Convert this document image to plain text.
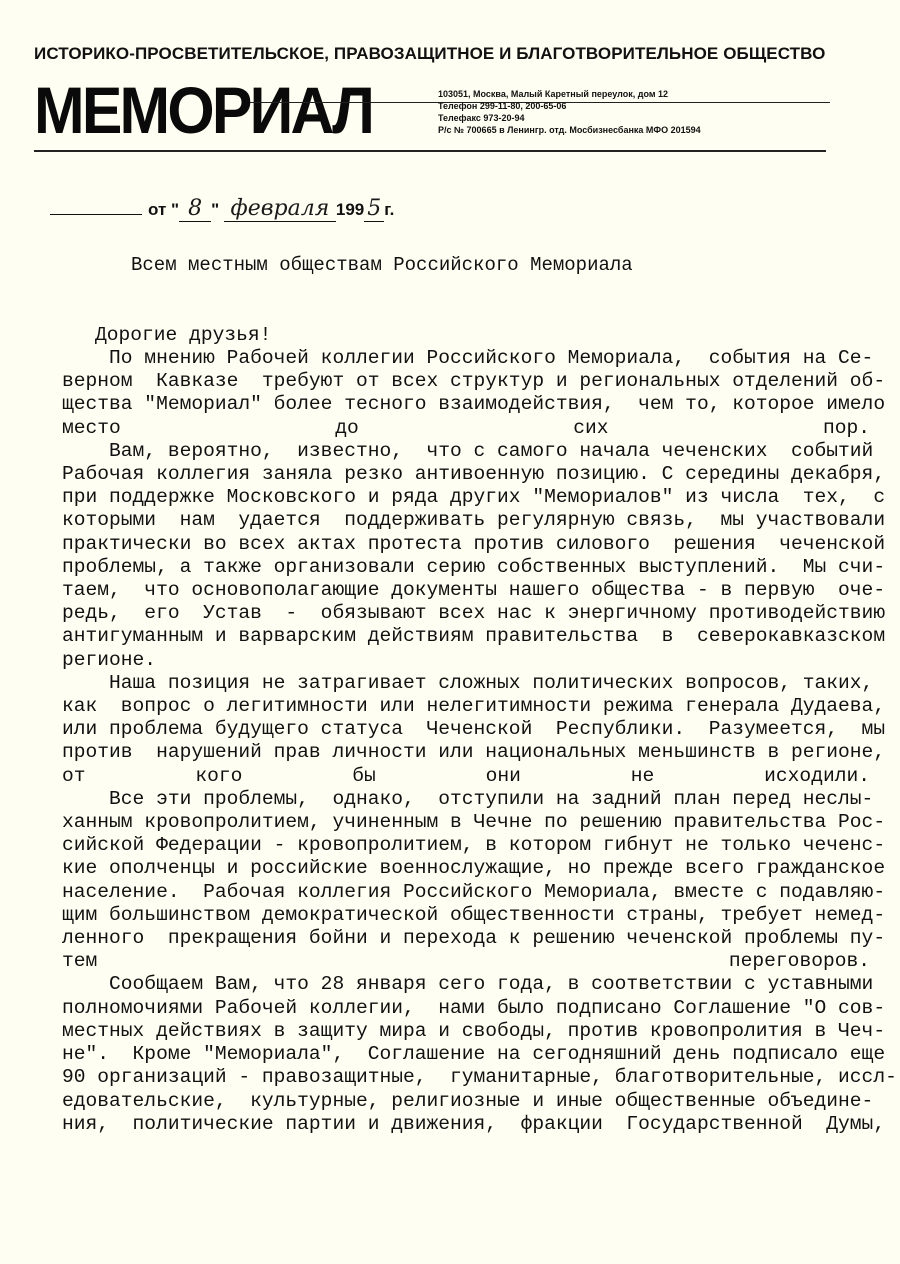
ИСТОРИКО-ПРОСВЕТИТЕЛЬСКОЕ, ПРАВОЗАЩИТНОЕ И БЛАГОТВОРИТЕЛЬНОЕ ОБЩЕСТВО
МЕМОРИАЛ	103051, Москва, Малый Каретный переулок, дом 12
Телефон 299-11-80, 200-65-06
Телефакс 973-20-94
Р/с № 700665 в Ленингр. отд. Мосбизнесбанка МФО 201594
от " 8 " февраля 199 5 г.
Всем местным обществам Российского Мемориала
Дорогие друзья!
По мнению Рабочей коллегии Российского Мемориала,  события на Се-
верном  Кавказе  требуют от всех структур и региональных отделений об-
щества "Мемориал" более тесного взаимодействия,  чем то, которое имело
место до сих пор.
Вам, вероятно,  известно,  что с самого начала чеченских  событий
Рабочая коллегия заняла резко антивоенную позицию. С середины декабря,
при поддержке Московского и ряда других "Мемориалов" из числа  тех,  с
которыми  нам  удается  поддерживать регулярную связь,  мы участвовали
практически во всех актах протеста против силового  решения  чеченской
проблемы, а также организовали серию собственных выступлений.  Мы счи-
таем,  что основополагающие документы нашего общества - в первую  оче-
редь,  его  Устав  -  обязывают всех нас к энергичному противодействию
антигуманным и варварским действиям правительства  в  северокавказском
регионе.
Наша позиция не затрагивает сложных политических вопросов, таких,
как  вопрос о легитимности или нелегитимности режима генерала Дудаева,
или проблема будущего статуса  Чеченской  Республики.  Разумеется,  мы
против  нарушений прав личности или национальных меньшинств в регионе,
от кого бы они не исходили.
Все эти проблемы,  однако,  отступили на задний план перед неслы-
ханным кровопролитием, учиненным в Чечне по решению правительства Рос-
сийской Федерации - кровопролитием, в котором гибнут не только чеченс-
кие ополченцы и российские военнослужащие, но прежде всего гражданское
население.  Рабочая коллегия Российского Мемориала, вместе с подавляю-
щим большинством демократической общественности страны, требует немед-
ленного  прекращения бойни и перехода к решению чеченской проблемы пу-
тем переговоров.
Сообщаем Вам, что 28 января сего года, в соответствии с уставными
полномочиями Рабочей коллегии,  нами было подписано Соглашение "О сов-
местных действиях в защиту мира и свободы, против кровопролития в Чеч-
не".  Кроме "Мемориала",  Соглашение на сегодняшний день подписало еще
90 организаций - правозащитные,  гуманитарные, благотворительные, иссл-
едовательские,  культурные, религиозные и иные общественные объедине-
ния,  политические партии и движения,  фракции  Государственной  Думы,
